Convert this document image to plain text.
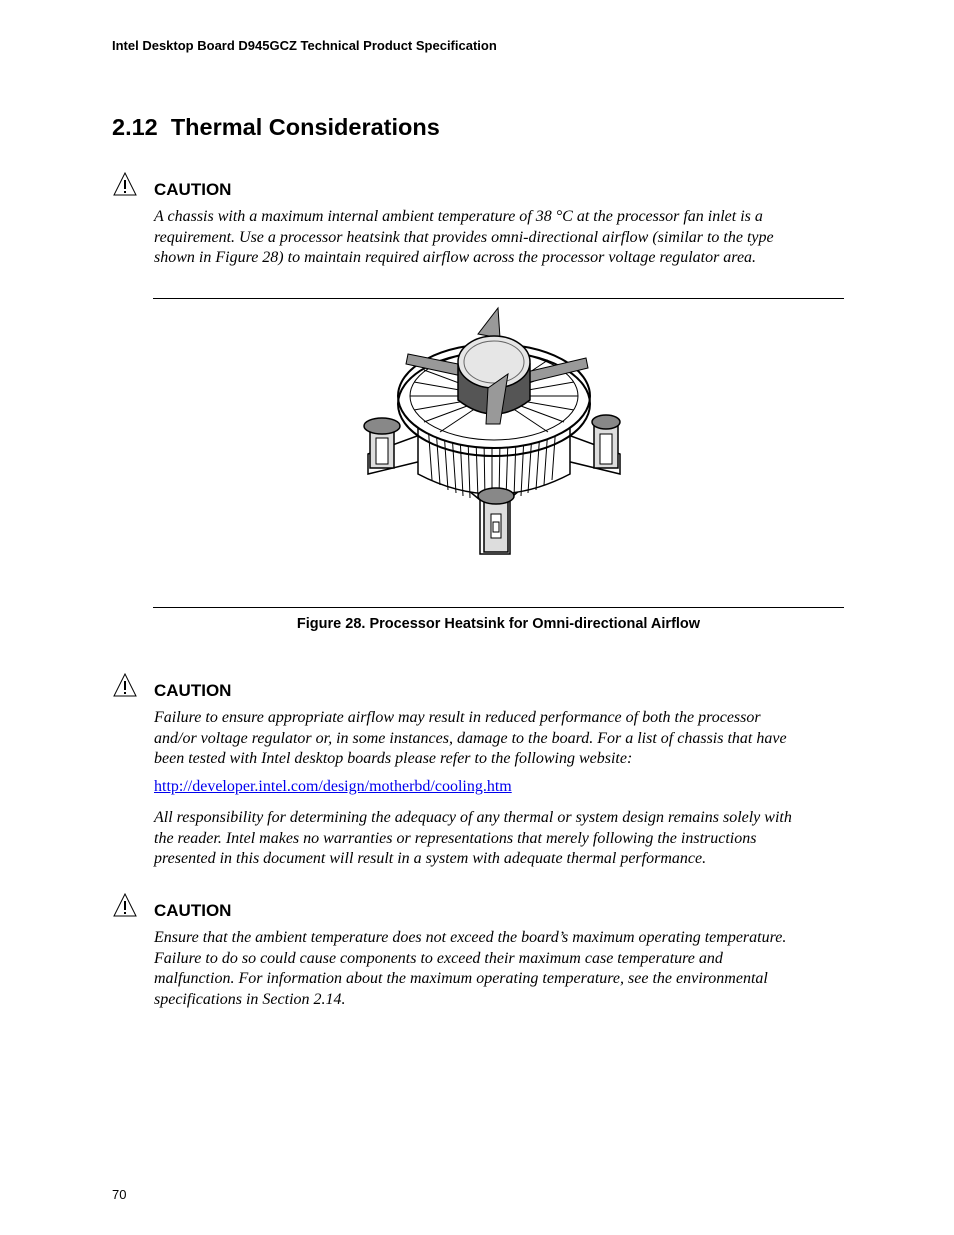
Intel Desktop Board D945GCZ Technical Product Specification
2.12 Thermal Considerations
CAUTION
A chassis with a maximum internal ambient temperature of 38 °C at the processor fan inlet is a
requirement. Use a processor heatsink that provides omni-directional airflow (similar to the type
shown in Figure 28) to maintain required airflow across the processor voltage regulator area.
Figure 28. Processor Heatsink for Omni-directional Airflow
CAUTION
Failure to ensure appropriate airflow may result in reduced performance of both the processor
and/or voltage regulator or, in some instances, damage to the board. For a list of chassis that have
been tested with Intel desktop boards please refer to the following website:
http://developer.intel.com/design/motherbd/cooling.htm
All responsibility for determining the adequacy of any thermal or system design remains solely with
the reader. Intel makes no warranties or representations that merely following the instructions
presented in this document will result in a system with adequate thermal performance.
CAUTION
Ensure that the ambient temperature does not exceed the board’s maximum operating temperature.
Failure to do so could cause components to exceed their maximum case temperature and
malfunction. For information about the maximum operating temperature, see the environmental
specifications in Section 2.14.
70
